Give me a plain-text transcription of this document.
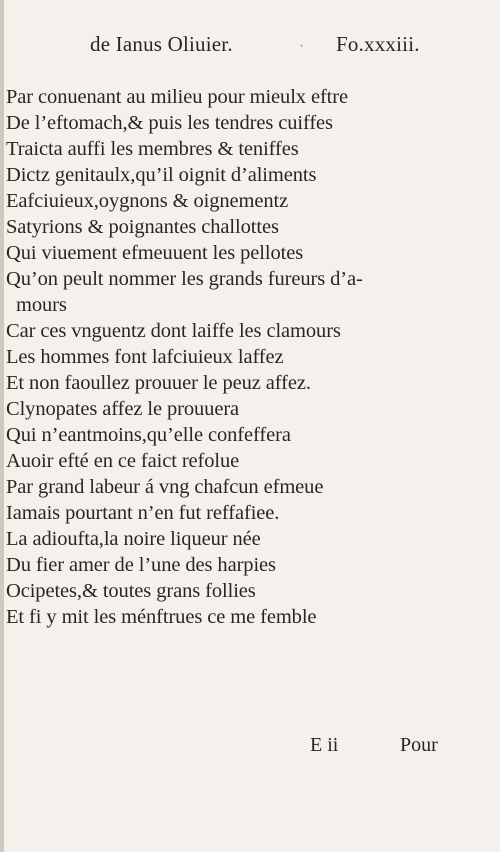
de Ianus Oliuier.	· Fo.xxxiii.
Par conuenant au milieu pour mieulx eftre
De l’eftomach,& puis les tendres cuiffes
Traicta auffi les membres & teniffes
Dictz genitaulx,qu’il oignit d’aliments
Eafciuieux,oygnons & oignementz
Satyrions & poignantes challottes
Qui viuement efmeuuent les pellotes
Qu’on peult nommer les grands fureurs d’a-
mours
Car ces vnguentz dont laiffe les clamours
Les hommes font lafciuieux laffez
Et non faoullez prouuer le peuz affez.
Clynopates affez le prouuera
Qui n’eantmoins,qu’elle confeffera
Auoir efté en ce faict refolue
Par grand labeur á vng chafcun efmeue
Iamais pourtant n’en fut reffafiee.
La adioufta,la noire liqueur née
Du fier amer de l’une des harpies
Ocipetes,& toutes grans follies
Et fi y mit les ménftrues ce me femble
E ii	Pour
